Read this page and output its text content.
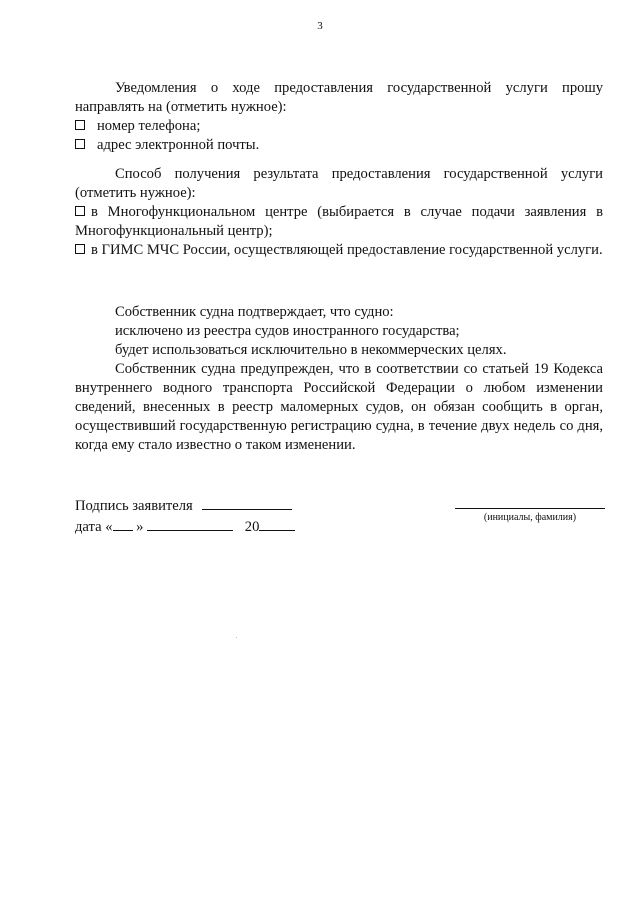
3

Уведомления о ходе предоставления государственной услуги прошу направлять на (отметить нужное):

номер телефона;
адрес электронной почты.

Способ получения результата предоставления государственной услуги (отметить нужное):

в Многофункциональном центре (выбирается в случае подачи заявления в Многофункциональный центр);

в ГИМС МЧС России, осуществляющей предоставление государственной услуги.

Собственник судна подтверждает, что судно:

исключено из реестра судов иностранного государства;

будет использоваться исключительно в некоммерческих целях.

Собственник судна предупрежден, что в соответствии со статьей 19 Кодекса внутреннего водного транспорта Российской Федерации о любом изменении сведений, внесенных в реестр маломерных судов, он обязан сообщить в орган, осуществивший государственную регистрацию судна, в течение двух недель со дня, когда ему стало известно о таком изменении.

Подпись заявителя
дата « »	20
(инициалы, фамилия)
